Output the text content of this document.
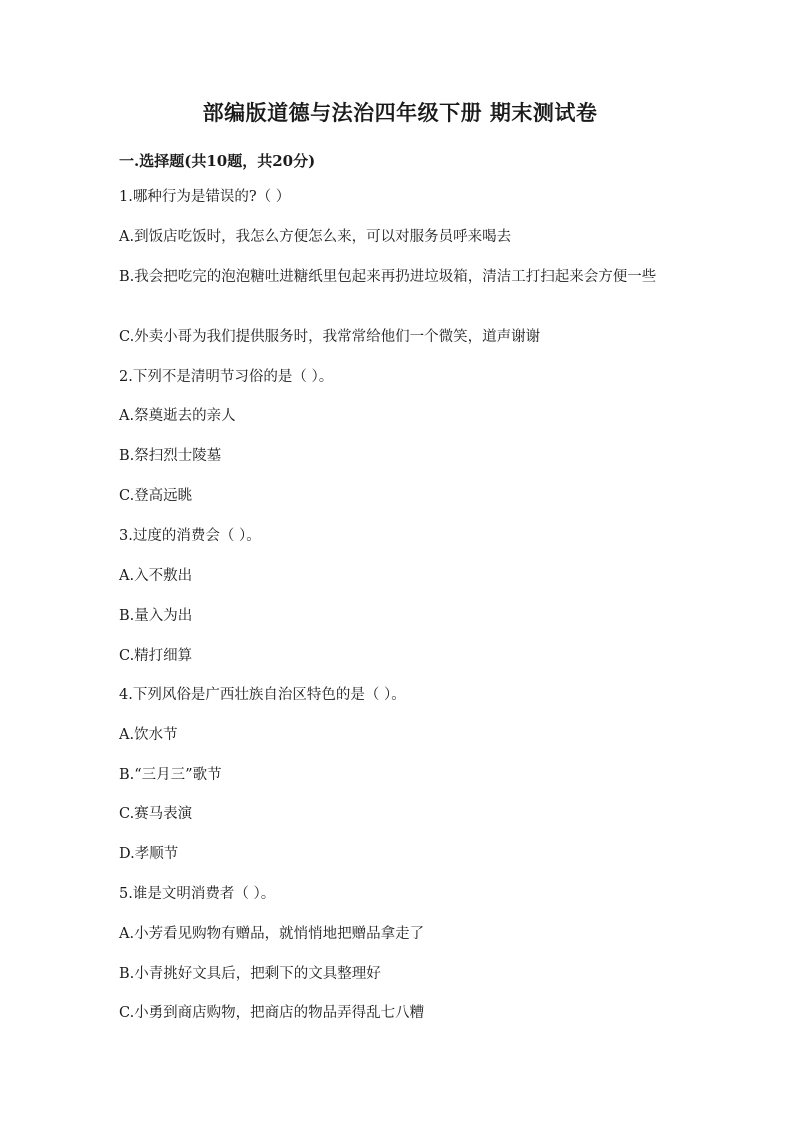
部编版道德与法治四年级下册 期末测试卷
一.选择题(共10题，共20分)
1.哪种行为是错误的?（ ）
A.到饭店吃饭时，我怎么方便怎么来，可以对服务员呼来喝去
B.我会把吃完的泡泡糖吐进糖纸里包起来再扔进垃圾箱，清洁工打扫起来会方便一些
C.外卖小哥为我们提供服务时，我常常给他们一个微笑，道声谢谢
2.下列不是清明节习俗的是（ ）。
A.祭奠逝去的亲人
B.祭扫烈士陵墓
C.登高远眺
3.过度的消费会（ ）。
A.入不敷出
B.量入为出
C.精打细算
4.下列风俗是广西壮族自治区特色的是（ ）。
A.饮水节
B.“三月三”歌节
C.赛马表演
D.孝顺节
5.谁是文明消费者（ ）。
A.小芳看见购物有赠品，就悄悄地把赠品拿走了
B.小青挑好文具后，把剩下的文具整理好
C.小勇到商店购物，把商店的物品弄得乱七八糟
